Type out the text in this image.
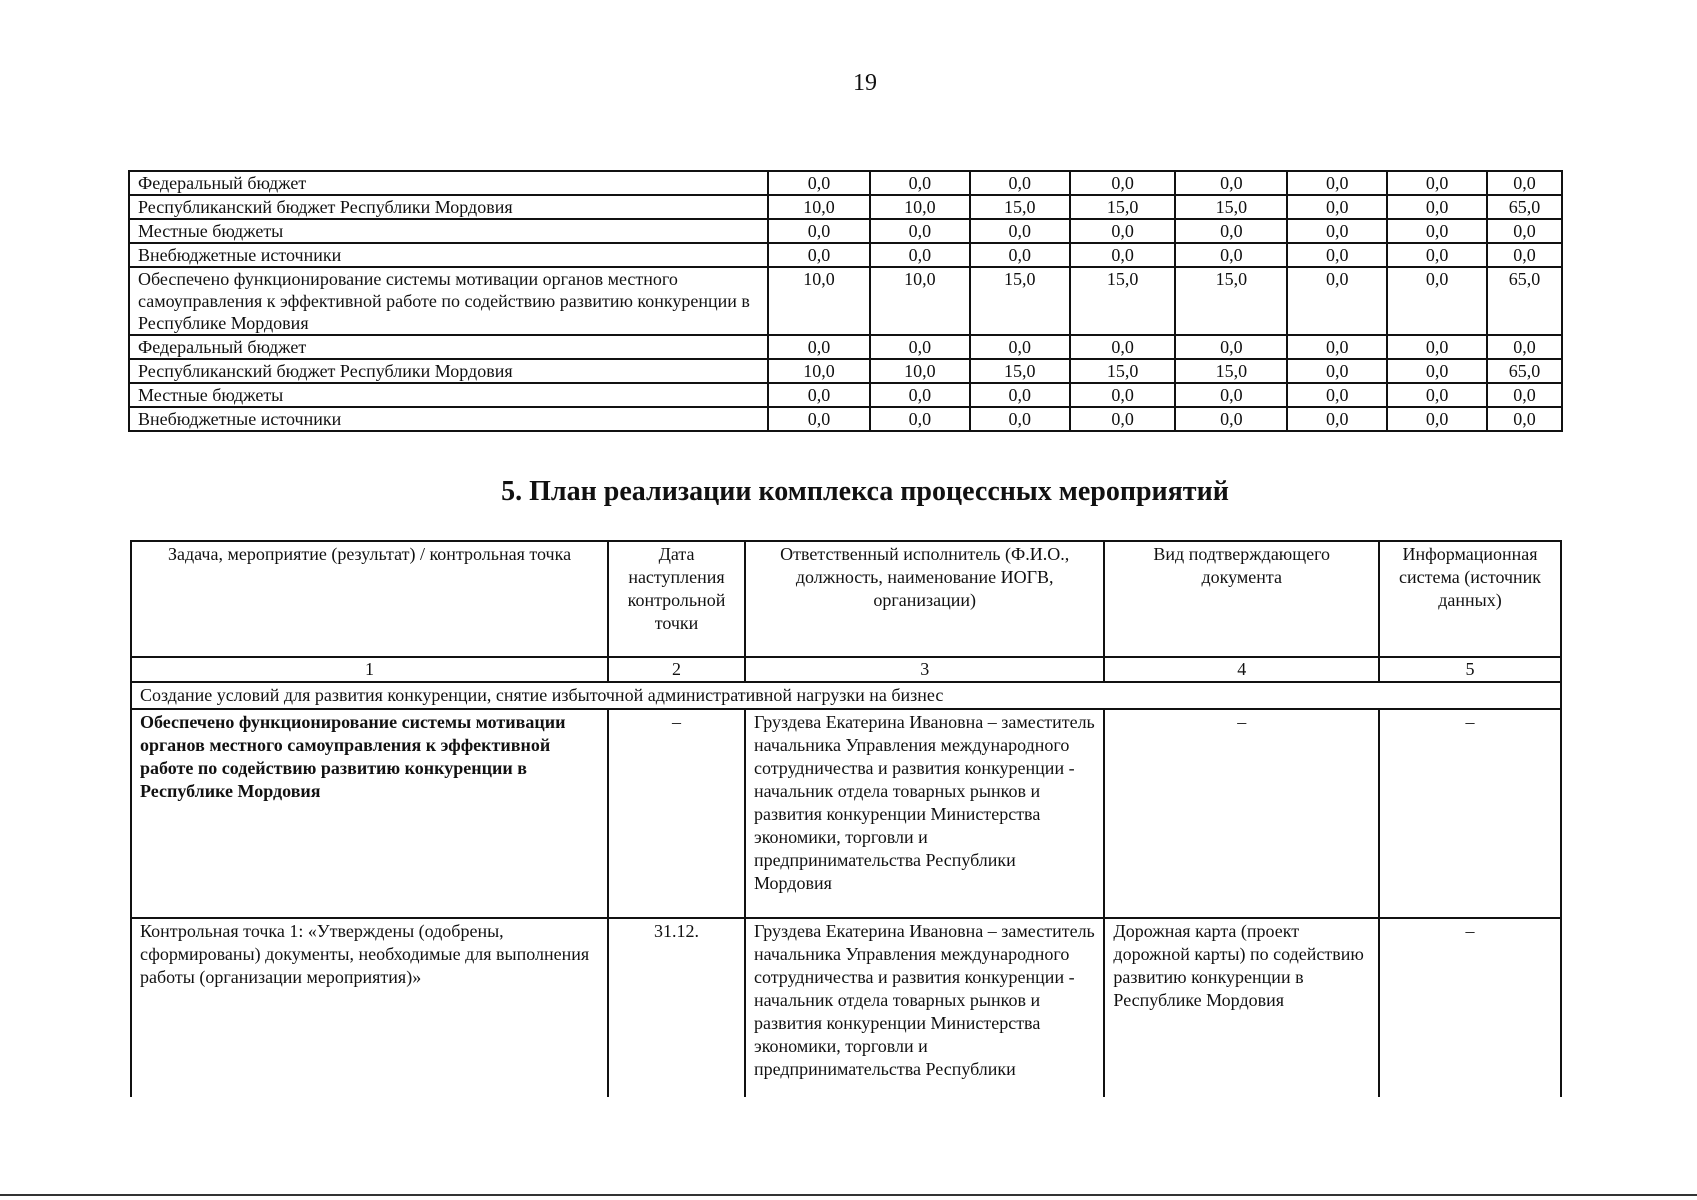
19
Федеральный бюджет	0,0	0,0	0,0	0,0	0,0	0,0	0,0	0,0
Республиканский бюджет Республики Мордовия	10,0	10,0	15,0	15,0	15,0	0,0	0,0	65,0
Местные бюджеты	0,0	0,0	0,0	0,0	0,0	0,0	0,0	0,0
Внебюджетные источники	0,0	0,0	0,0	0,0	0,0	0,0	0,0	0,0
Обеспечено функционирование системы мотивации органов местного самоуправления к эффективной работе по содействию развитию конкуренции в Республике Мордовия	10,0	10,0	15,0	15,0	15,0	0,0	0,0	65,0
Федеральный бюджет	0,0	0,0	0,0	0,0	0,0	0,0	0,0	0,0
Республиканский бюджет Республики Мордовия	10,0	10,0	15,0	15,0	15,0	0,0	0,0	65,0
Местные бюджеты	0,0	0,0	0,0	0,0	0,0	0,0	0,0	0,0
Внебюджетные источники	0,0	0,0	0,0	0,0	0,0	0,0	0,0	0,0
5. План реализации комплекса процессных мероприятий
Задача, мероприятие (результат) / контрольная точка	Дата наступления контрольной точки	Ответственный исполнитель (Ф.И.О., должность, наименование ИОГВ, организации)	Вид подтверждающего документа	Информационная система (источник данных)
1	2	3	4	5
Создание условий для развития конкуренции, снятие избыточной административной нагрузки на бизнес				
Обеспечено функционирование системы мотивации органов местного самоуправления к эффективной работе по содействию развитию конкуренции в Республике Мордовия	–	Груздева Екатерина Ивановна – заместитель начальника Управления международного сотрудничества и развития конкуренции - начальник отдела товарных рынков и развития конкуренции Министерства экономики, торговли и предпринимательства Республики Мордовия	–	–
Контрольная точка 1: «Утверждены (одобрены, сформированы) документы, необходимые для выполнения работы (организации мероприятия)»	31.12.	Груздева Екатерина Ивановна – заместитель начальника Управления международного сотрудничества и развития конкуренции - начальник отдела товарных рынков и развития конкуренции Министерства экономики, торговли и предпринимательства Республики	Дорожная карта (проект дорожной карты) по содействию развитию конкуренции в Республике Мордовия	–
